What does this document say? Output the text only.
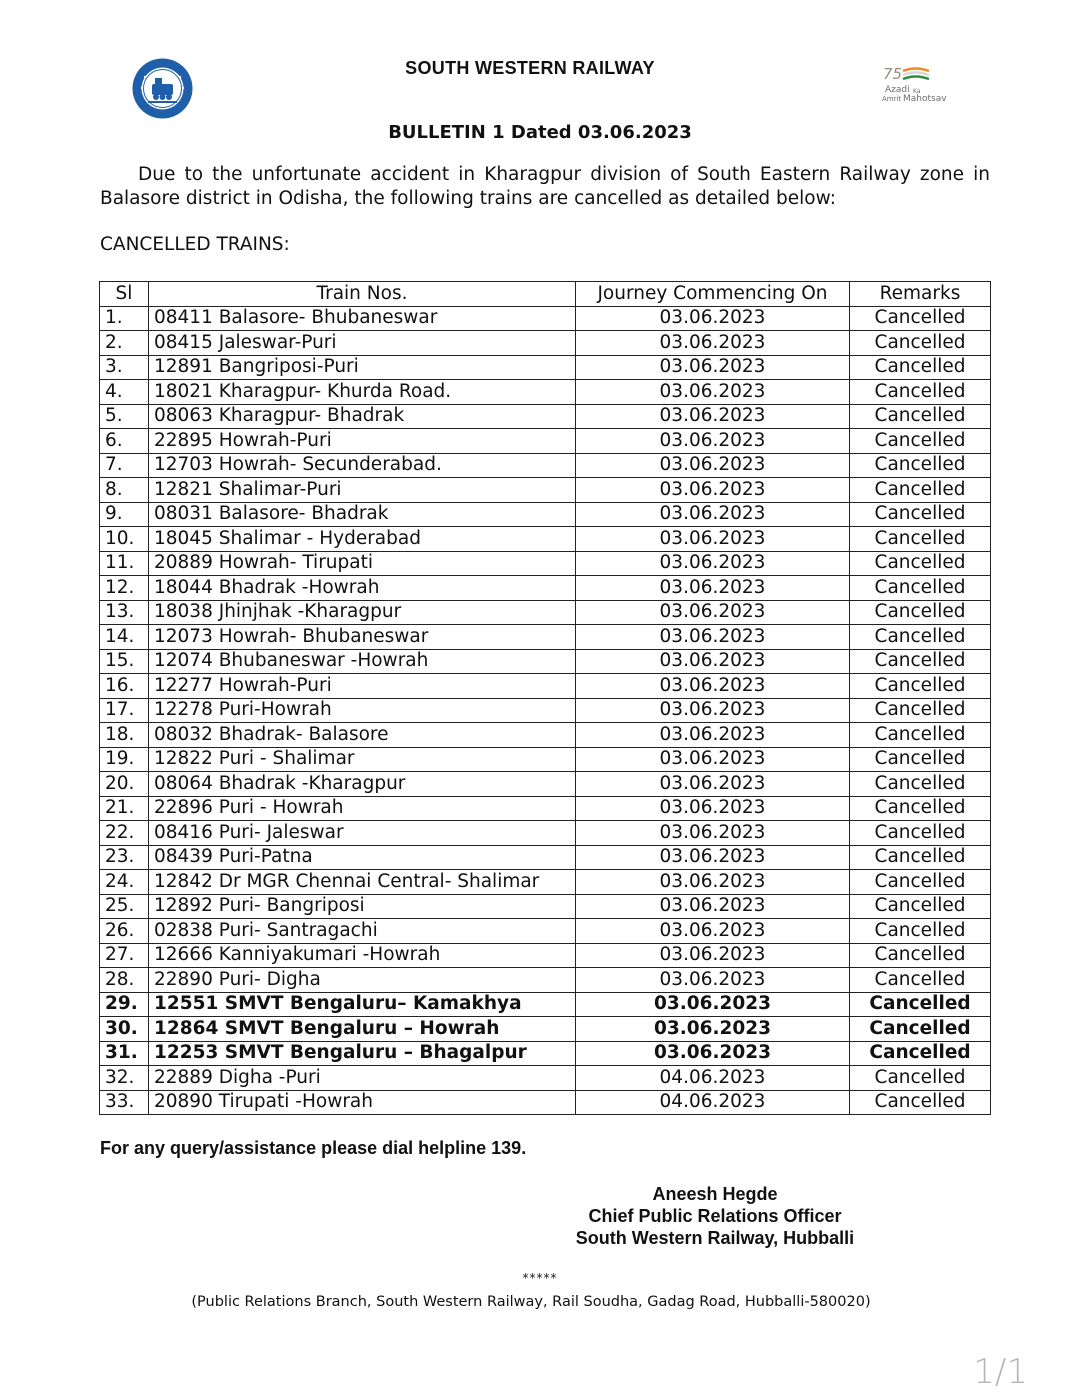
SOUTH WESTERN RAILWAY	75
Azadi Ka
Amrit Mahotsav
BULLETIN 1 Dated 03.06.2023
Due to the unfortunate accident in Kharagpur division of South Eastern Railway zone in Balasore district in Odisha, the following trains are cancelled as detailed below:
CANCELLED TRAINS:
Sl	Train Nos.	Journey Commencing On	Remarks
1.	08411 Balasore- Bhubaneswar	03.06.2023	Cancelled
2.	08415 Jaleswar-Puri	03.06.2023	Cancelled
3.	12891 Bangriposi-Puri	03.06.2023	Cancelled
4.	18021 Kharagpur- Khurda Road.	03.06.2023	Cancelled
5.	08063 Kharagpur- Bhadrak	03.06.2023	Cancelled
6.	22895 Howrah-Puri	03.06.2023	Cancelled
7.	12703 Howrah- Secunderabad.	03.06.2023	Cancelled
8.	12821 Shalimar-Puri	03.06.2023	Cancelled
9.	08031 Balasore- Bhadrak	03.06.2023	Cancelled
10.	18045 Shalimar - Hyderabad	03.06.2023	Cancelled
11.	20889 Howrah- Tirupati	03.06.2023	Cancelled
12.	18044 Bhadrak -Howrah	03.06.2023	Cancelled
13.	18038 Jhinjhak -Kharagpur	03.06.2023	Cancelled
14.	12073 Howrah- Bhubaneswar	03.06.2023	Cancelled
15.	12074 Bhubaneswar -Howrah	03.06.2023	Cancelled
16.	12277 Howrah-Puri	03.06.2023	Cancelled
17.	12278 Puri-Howrah	03.06.2023	Cancelled
18.	08032 Bhadrak- Balasore	03.06.2023	Cancelled
19.	12822 Puri - Shalimar	03.06.2023	Cancelled
20.	08064 Bhadrak -Kharagpur	03.06.2023	Cancelled
21.	22896 Puri - Howrah	03.06.2023	Cancelled
22.	08416 Puri- Jaleswar	03.06.2023	Cancelled
23.	08439 Puri-Patna	03.06.2023	Cancelled
24.	12842 Dr MGR Chennai Central- Shalimar	03.06.2023	Cancelled
25.	12892 Puri- Bangriposi	03.06.2023	Cancelled
26.	02838 Puri- Santragachi	03.06.2023	Cancelled
27.	12666 Kanniyakumari -Howrah	03.06.2023	Cancelled
28.	22890 Puri- Digha	03.06.2023	Cancelled
29.	12551 SMVT Bengaluru– Kamakhya	03.06.2023	Cancelled
30.	12864 SMVT Bengaluru – Howrah	03.06.2023	Cancelled
31.	12253 SMVT Bengaluru – Bhagalpur	03.06.2023	Cancelled
32.	22889 Digha -Puri	04.06.2023	Cancelled
33.	20890 Tirupati -Howrah	04.06.2023	Cancelled
For any query/assistance please dial helpline 139.
Aneesh Hegde
Chief Public Relations Officer
South Western Railway, Hubballi
*****
(Public Relations Branch, South Western Railway, Rail Soudha, Gadag Road, Hubballi-580020)
1/1
